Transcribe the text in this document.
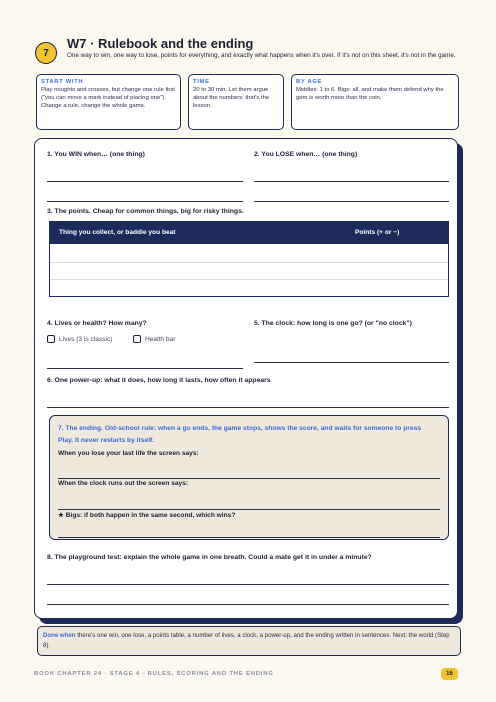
7
W7 · Rulebook and the ending
One way to win, one way to lose, points for everything, and exactly what happens when it's over. If it's not on this sheet, it's not in the game.
START WITH
Play noughts and crosses, but change one rule first ("you can move a mark instead of placing one"). Change a rule, change the whole game.
TIME
20 to 30 min. Let them argue about the numbers; that's the lesson.
BY AGE
Middles: 1 to 6. Bigs: all, and make them defend why the gem is worth more than the coin.
1. You WIN when… (one thing)	2. You LOSE when… (one thing)
3. The points. Cheap for common things, big for risky things.
Thing you collect, or baddie you beat	Points (+ or −)
4. Lives or health? How many?	5. The clock: how long is one go? (or "no clock")
Lives (3 is classic)	Health bar
6. One power-up: what it does, how long it lasts, how often it appears
7. The ending. Old-school rule: when a go ends, the game stops, shows the score, and waits for someone to press Play. It never restarts by itself.
When you lose your last life the screen says:
When the clock runs out the screen says:
★ Bigs: if both happen in the same second, which wins?
8. The playground test: explain the whole game in one breath. Could a mate get it in under a minute?
Done when there's one win, one lose, a points table, a number of lives, a clock, a power-up, and the ending written in sentences. Next: the world (Step 8).
BOOK CHAPTER 24 · STAGE 4 · RULES, SCORING AND THE ENDING	16
